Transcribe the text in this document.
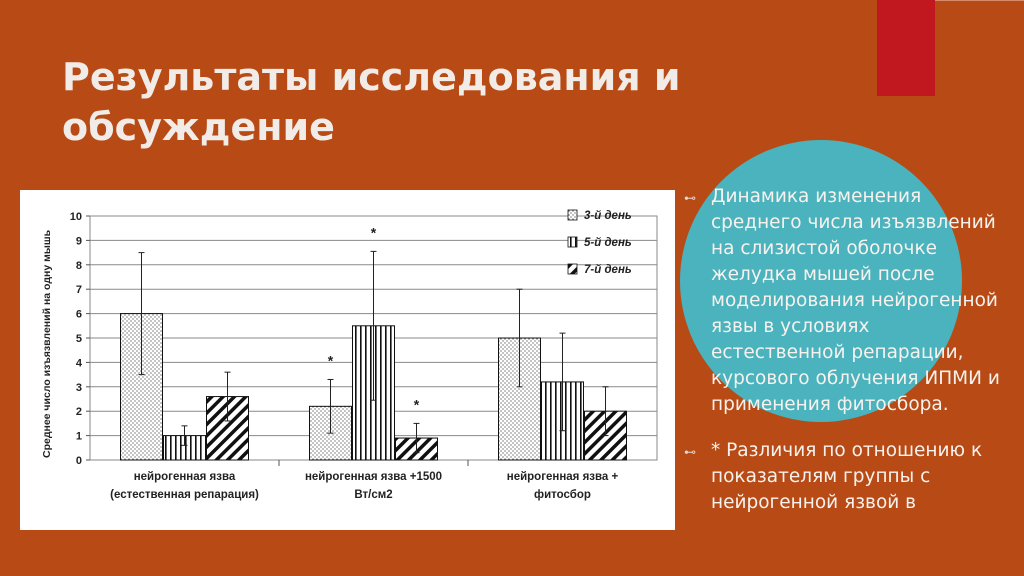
Результаты исследования и обсуждение
0
1
2
3
4
5
6
7
8
9
10
Среднее число изъязвлений на одну мышь
нейрогенная язва
(естественная репарация)
*
*
*
нейрогенная язва +1500
Вт/см2
нейрогенная язва +
фитосбор
3-й день
5-й день
7-й день
⊷ Динамика изменения среднего числа изъязвлений на слизистой оболочке желудка мышей после моделирования нейрогенной язвы в условиях естественной репарации, курсового облучения ИПМИ и применения фитосбора.
⊷ * Различия по отношению к показателям группы с нейрогенной язвой в
